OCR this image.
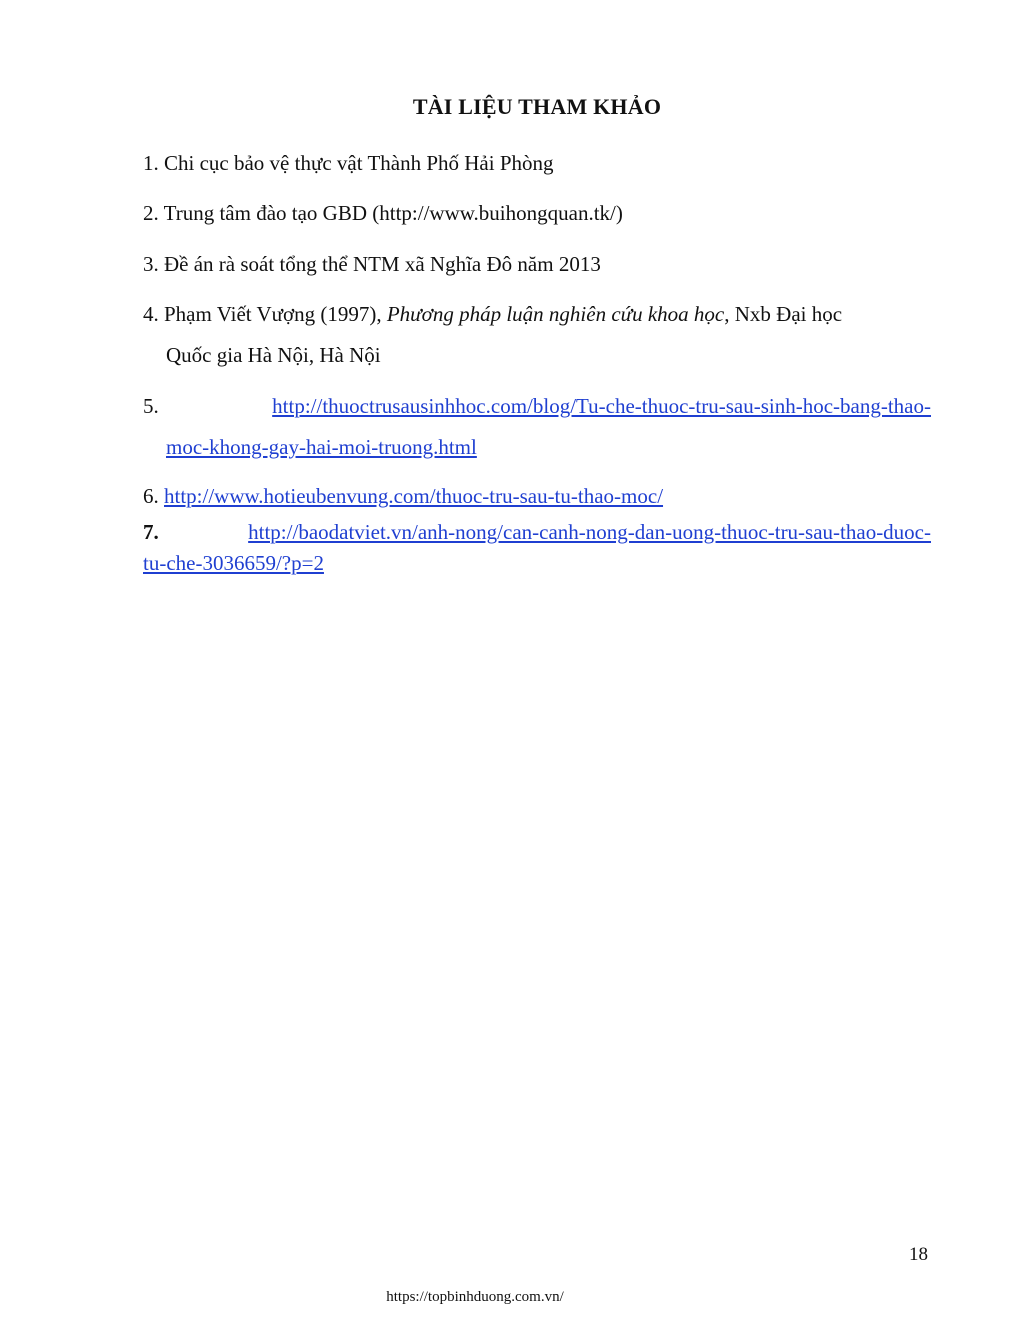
TÀI LIỆU THAM KHẢO
1. Chi cục bảo vệ thực vật Thành Phố Hải Phòng
2. Trung tâm đào tạo GBD (http://www.buihongquan.tk/)
3. Đề án rà soát tổng thể NTM xã Nghĩa Đô năm 2013
4. Phạm Viết Vượng (1997), Phương pháp luận nghiên cứu khoa học, Nxb Đại học
Quốc gia Hà Nội, Hà Nội
5.	http://thuoctrusausinhhoc.com/blog/Tu-che-thuoc-tru-sau-sinh-hoc-bang-thao-
moc-khong-gay-hai-moi-truong.html
6. http://www.hotieubenvung.com/thuoc-tru-sau-tu-thao-moc/
7.	http://baodatviet.vn/anh-nong/can-canh-nong-dan-uong-thuoc-tru-sau-thao-duoc-
tu-che-3036659/?p=2
18
https://topbinhduong.com.vn/
